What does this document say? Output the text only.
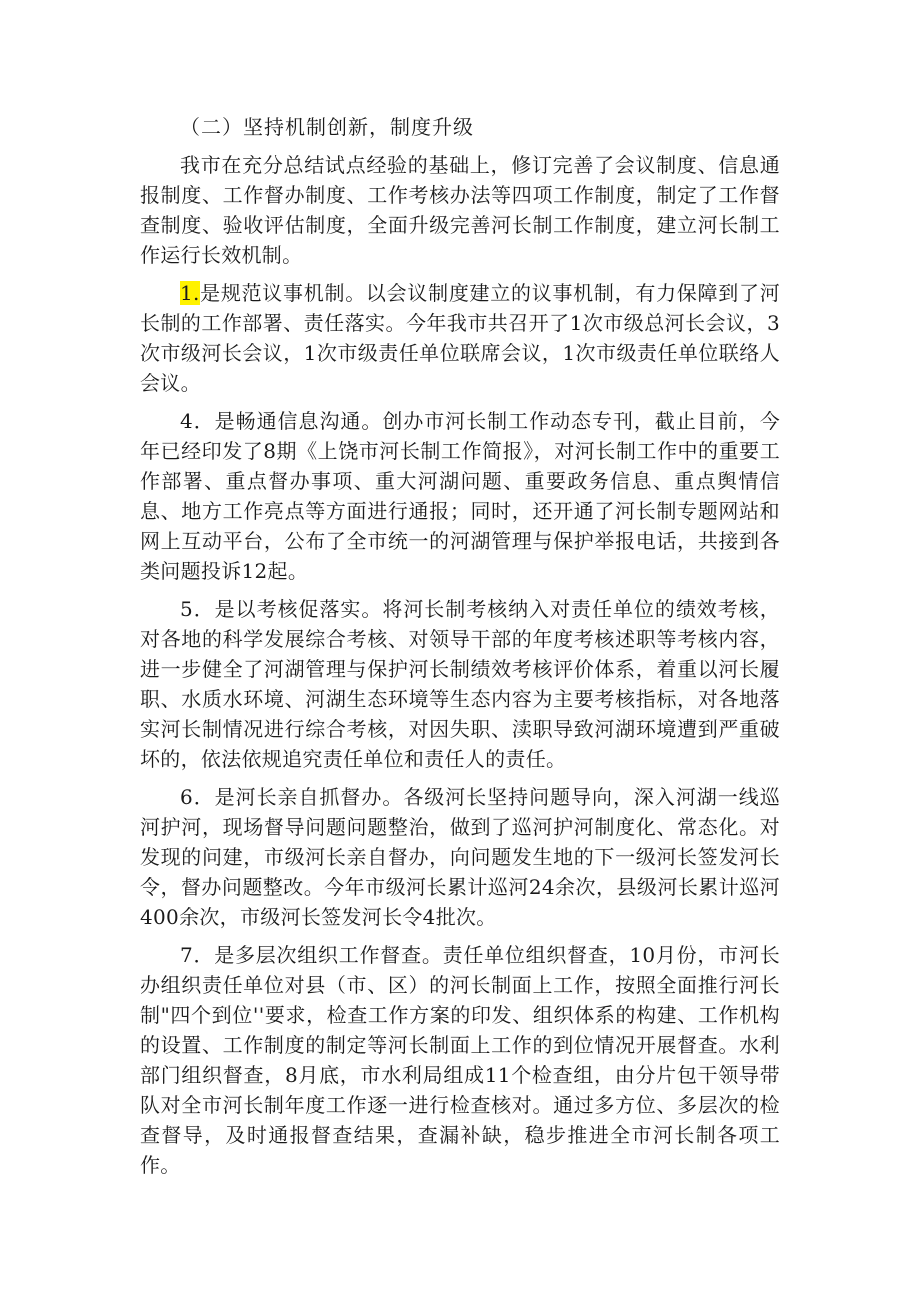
（二）坚持机制创新，制度升级

我市在充分总结试点经验的基础上，修订完善了会议制度、信息通报制度、工作督办制度、工作考核办法等四项工作制度，制定了工作督查制度、验收评估制度，全面升级完善河长制工作制度，建立河长制工作运行长效机制。

1.是规范议事机制。以会议制度建立的议事机制，有力保障到了河长制的工作部署、责任落实。今年我市共召开了1次市级总河长会议，3次市级河长会议，1次市级责任单位联席会议，1次市级责任单位联络人会议。

4．是畅通信息沟通。创办市河长制工作动态专刊，截止目前，今年已经印发了8期《上饶市河长制工作简报》，对河长制工作中的重要工作部署、重点督办事项、重大河湖问题、重要政务信息、重点舆情信息、地方工作亮点等方面进行通报；同时，还开通了河长制专题网站和网上互动平台，公布了全市统一的河湖管理与保护举报电话，共接到各类问题投诉12起。

5．是以考核促落实。将河长制考核纳入对责任单位的绩效考核，对各地的科学发展综合考核、对领导干部的年度考核述职等考核内容，进一步健全了河湖管理与保护河长制绩效考核评价体系，着重以河长履职、水质水环境、河湖生态环境等生态内容为主要考核指标，对各地落实河长制情况进行综合考核，对因失职、渎职导致河湖环境遭到严重破坏的，依法依规追究责任单位和责任人的责任。

6．是河长亲自抓督办。各级河长坚持问题导向，深入河湖一线巡河护河，现场督导问题问题整治，做到了巡河护河制度化、常态化。对发现的问建，市级河长亲自督办，向问题发生地的下一级河长签发河长令，督办问题整改。今年市级河长累计巡河24余次，县级河长累计巡河400余次，市级河长签发河长令4批次。

7．是多层次组织工作督查。责任单位组织督查，10月份，市河长办组织责任单位对县（市、区）的河长制面上工作，按照全面推行河长制"四个到位''要求，检查工作方案的印发、组织体系的构建、工作机构的设置、工作制度的制定等河长制面上工作的到位情况开展督查。水利部门组织督查，8月底，市水利局组成11个检查组，由分片包干领导带队对全市河长制年度工作逐一进行检查核对。通过多方位、多层次的检查督导，及时通报督查结果，查漏补缺，稳步推进全市河长制各项工作。
